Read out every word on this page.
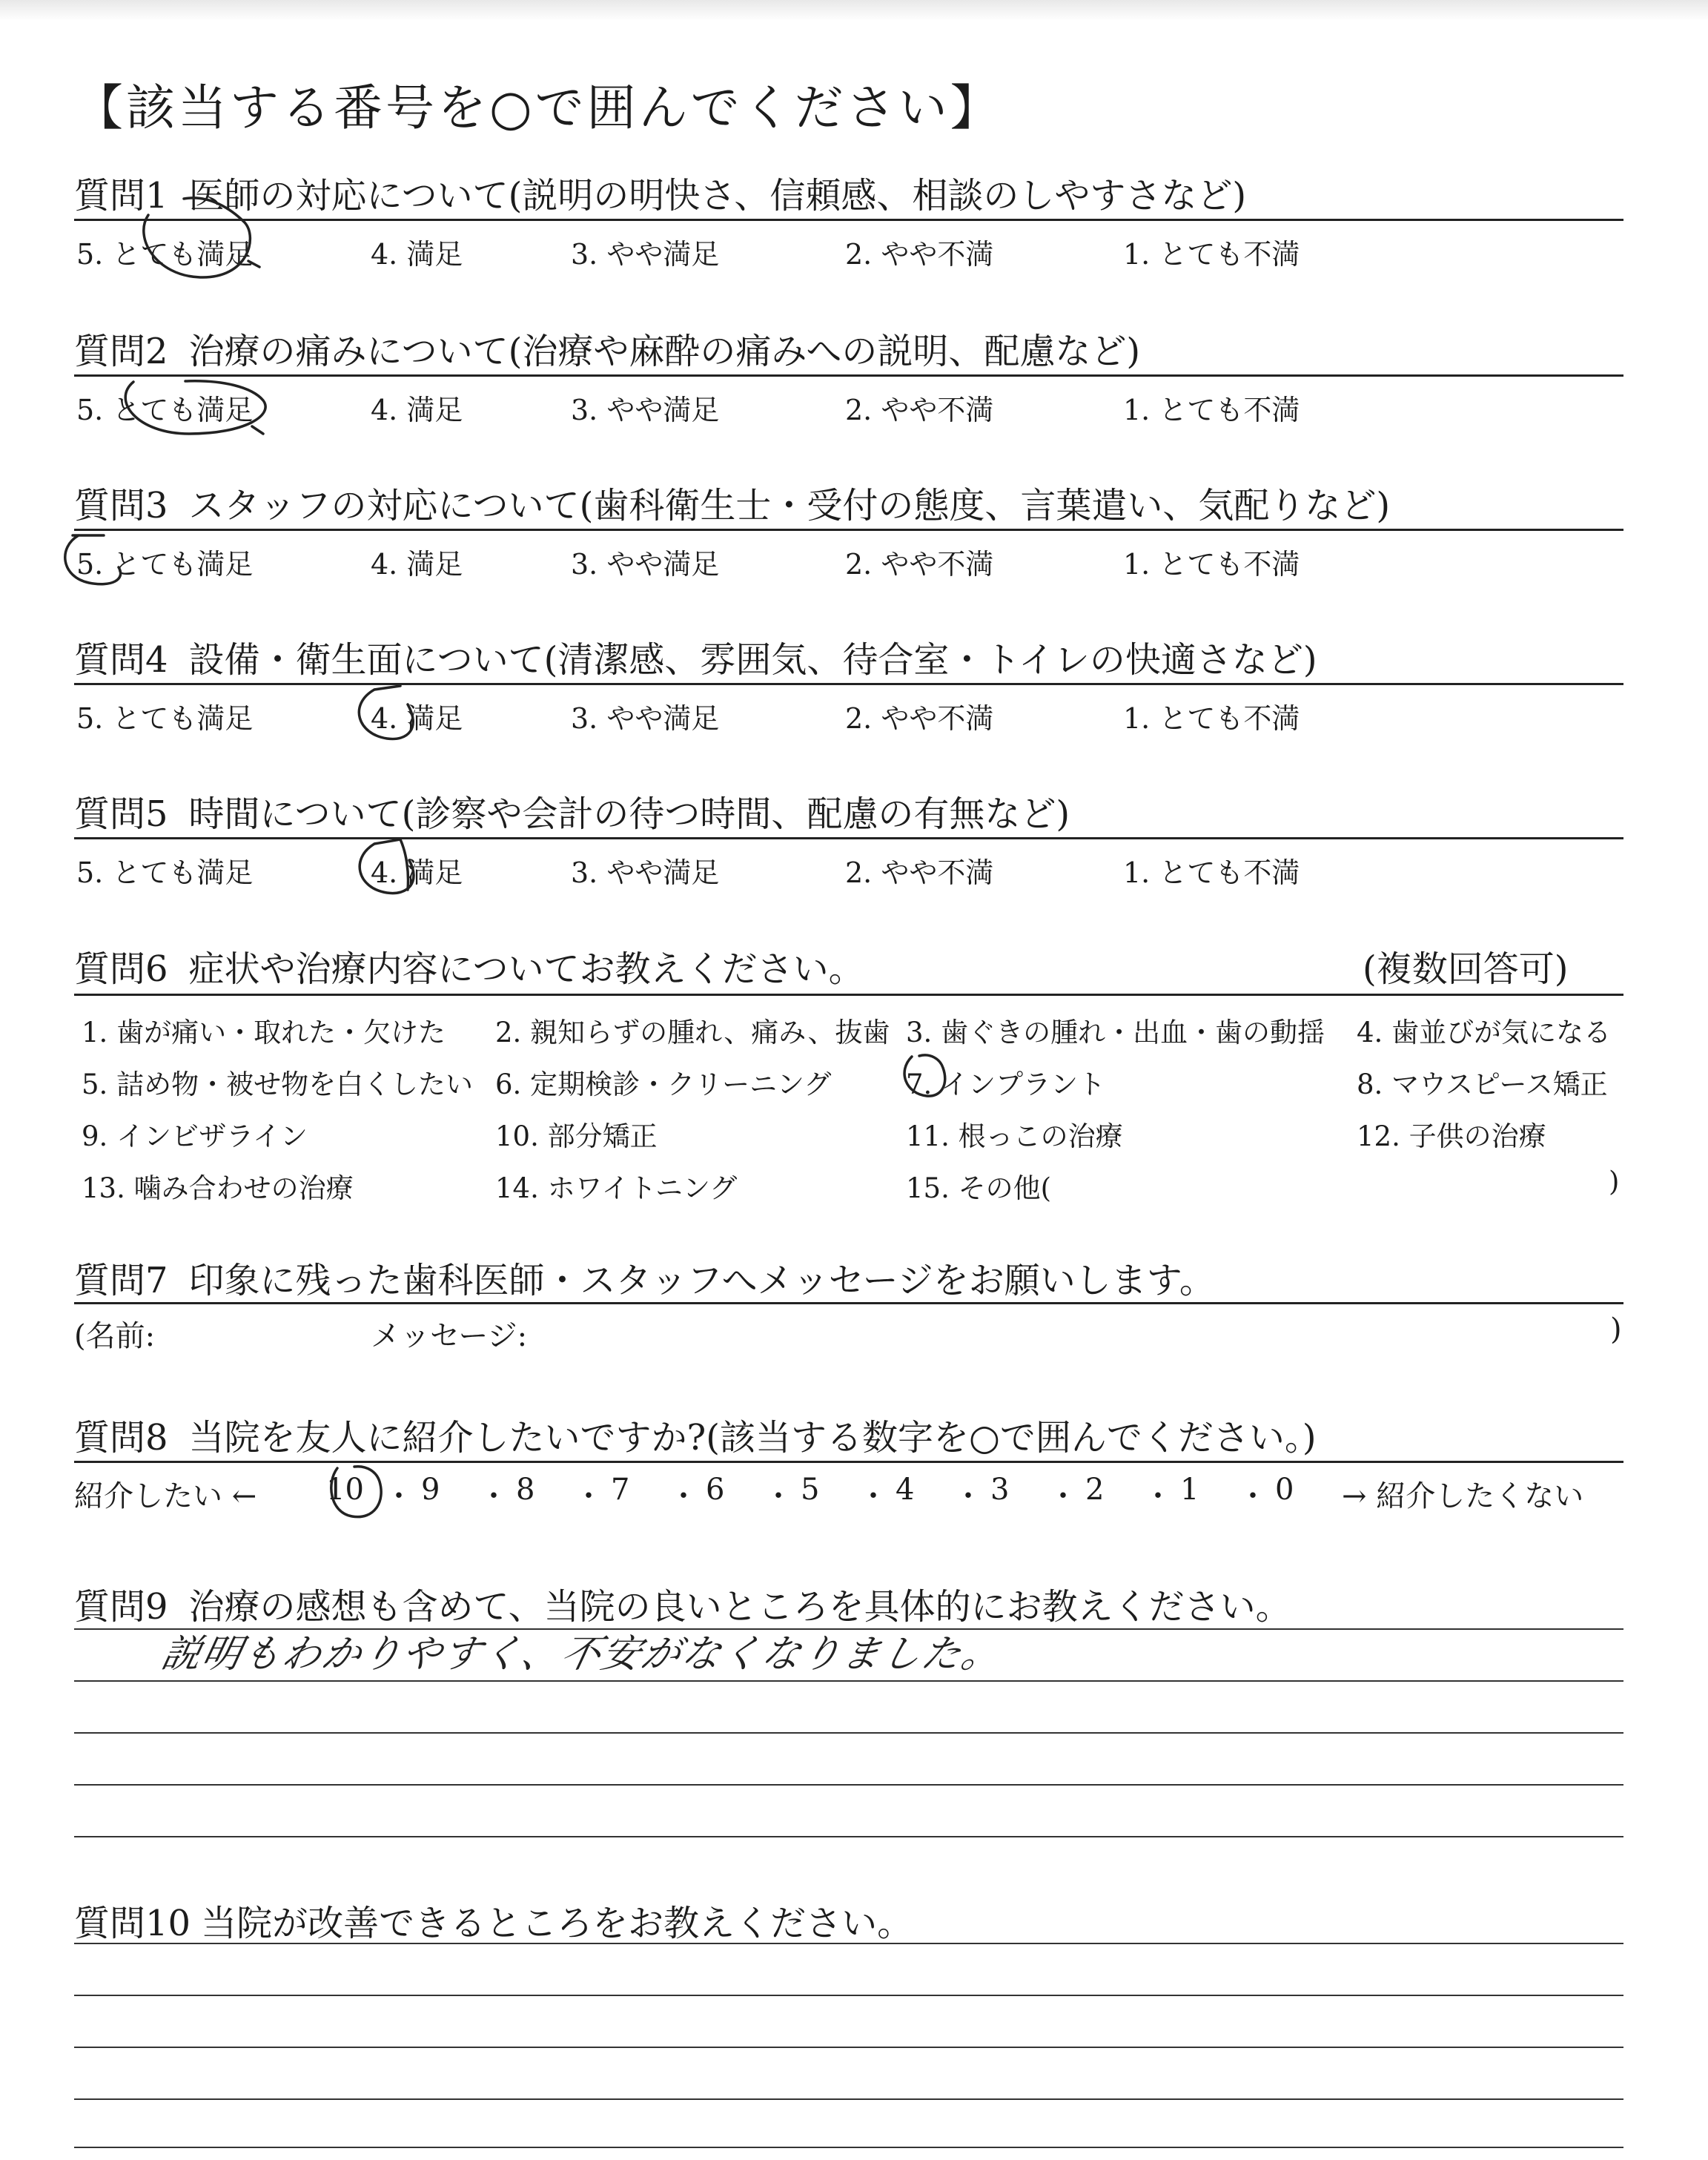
【該当する番号を○で囲んでください】
質問1 医師の対応について(説明の明快さ、信頼感、相談のしやすさなど)
5. とても満足	4. 満足	3. やや満足	2. やや不満	1. とても不満
質問2 治療の痛みについて(治療や麻酔の痛みへの説明、配慮など)
5. とても満足	4. 満足	3. やや満足	2. やや不満	1. とても不満
質問3 スタッフの対応について(歯科衛生士・受付の態度、言葉遣い、気配りなど)
5. とても満足	4. 満足	3. やや満足	2. やや不満	1. とても不満
質問4 設備・衛生面について(清潔感、雰囲気、待合室・トイレの快適さなど)
5. とても満足	4. 満足	3. やや満足	2. やや不満	1. とても不満
質問5 時間について(診察や会計の待つ時間、配慮の有無など)
5. とても満足	4. 満足	3. やや満足	2. やや不満	1. とても不満
質問6 症状や治療内容についてお教えください。	(複数回答可)
1. 歯が痛い・取れた・欠けた 2. 親知らずの腫れ、痛み、抜歯 3. 歯ぐきの腫れ・出血・歯の動揺 4. 歯並びが気になる
5. 詰め物・被せ物を白くしたい 6. 定期検診・クリーニング	7. インプラント	8. マウスピース矯正
9. インビザライン	10. 部分矯正	11. 根っこの治療	12. 子供の治療
13. 噛み合わせの治療	14. ホワイトニング	15. その他(	)
質問7 印象に残った歯科医師・スタッフへメッセージをお願いします。
(名前:	メッセージ:	)
質問8 当院を友人に紹介したいですか?(該当する数字を○で囲んでください。)
紹介したい ← 10 ・ 9 ・ 8 ・ 7 ・ 6 ・ 5 ・ 4 ・ 3 ・ 2 ・ 1 ・ 0 → 紹介したくない
質問9 治療の感想も含めて、当院の良いところを具体的にお教えください。
説明もわかりやすく、不安がなくなりました。
質問10 当院が改善できるところをお教えください。
